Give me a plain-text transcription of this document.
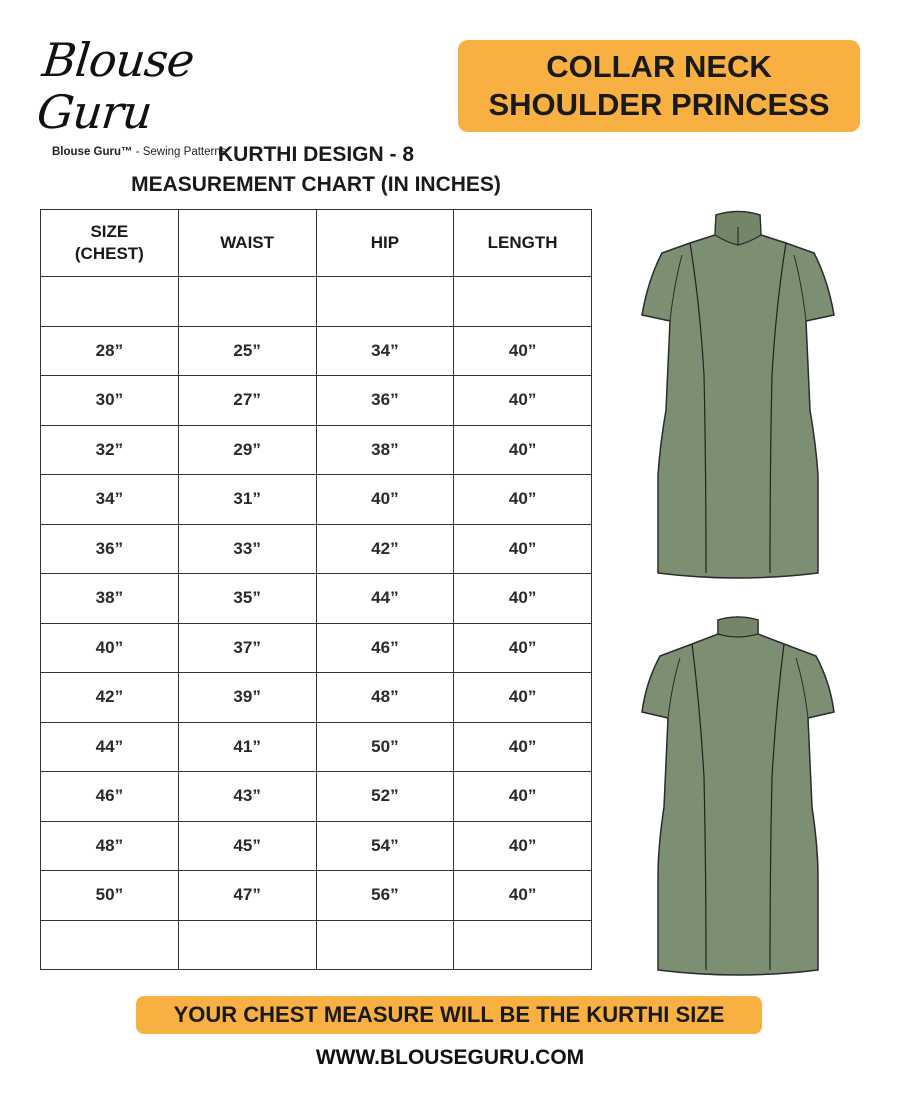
Blouse Guru
Blouse Guru™ - Sewing Patterns
COLLAR NECK
SHOULDER PRINCESS
KURTHI DESIGN - 8
MEASUREMENT CHART (IN INCHES)
SIZE
(CHEST)	WAIST	HIP	LENGTH

28”	25”	34”	40”
30”	27”	36”	40”
32”	29”	38”	40”
34”	31”	40”	40”
36”	33”	42”	40”
38”	35”	44”	40”
40”	37”	46”	40”
42”	39”	48”	40”
44”	41”	50”	40”
46”	43”	52”	40”
48”	45”	54”	40”
50”	47”	56”	40”

YOUR CHEST MEASURE WILL BE THE KURTHI SIZE
WWW.BLOUSEGURU.COM
